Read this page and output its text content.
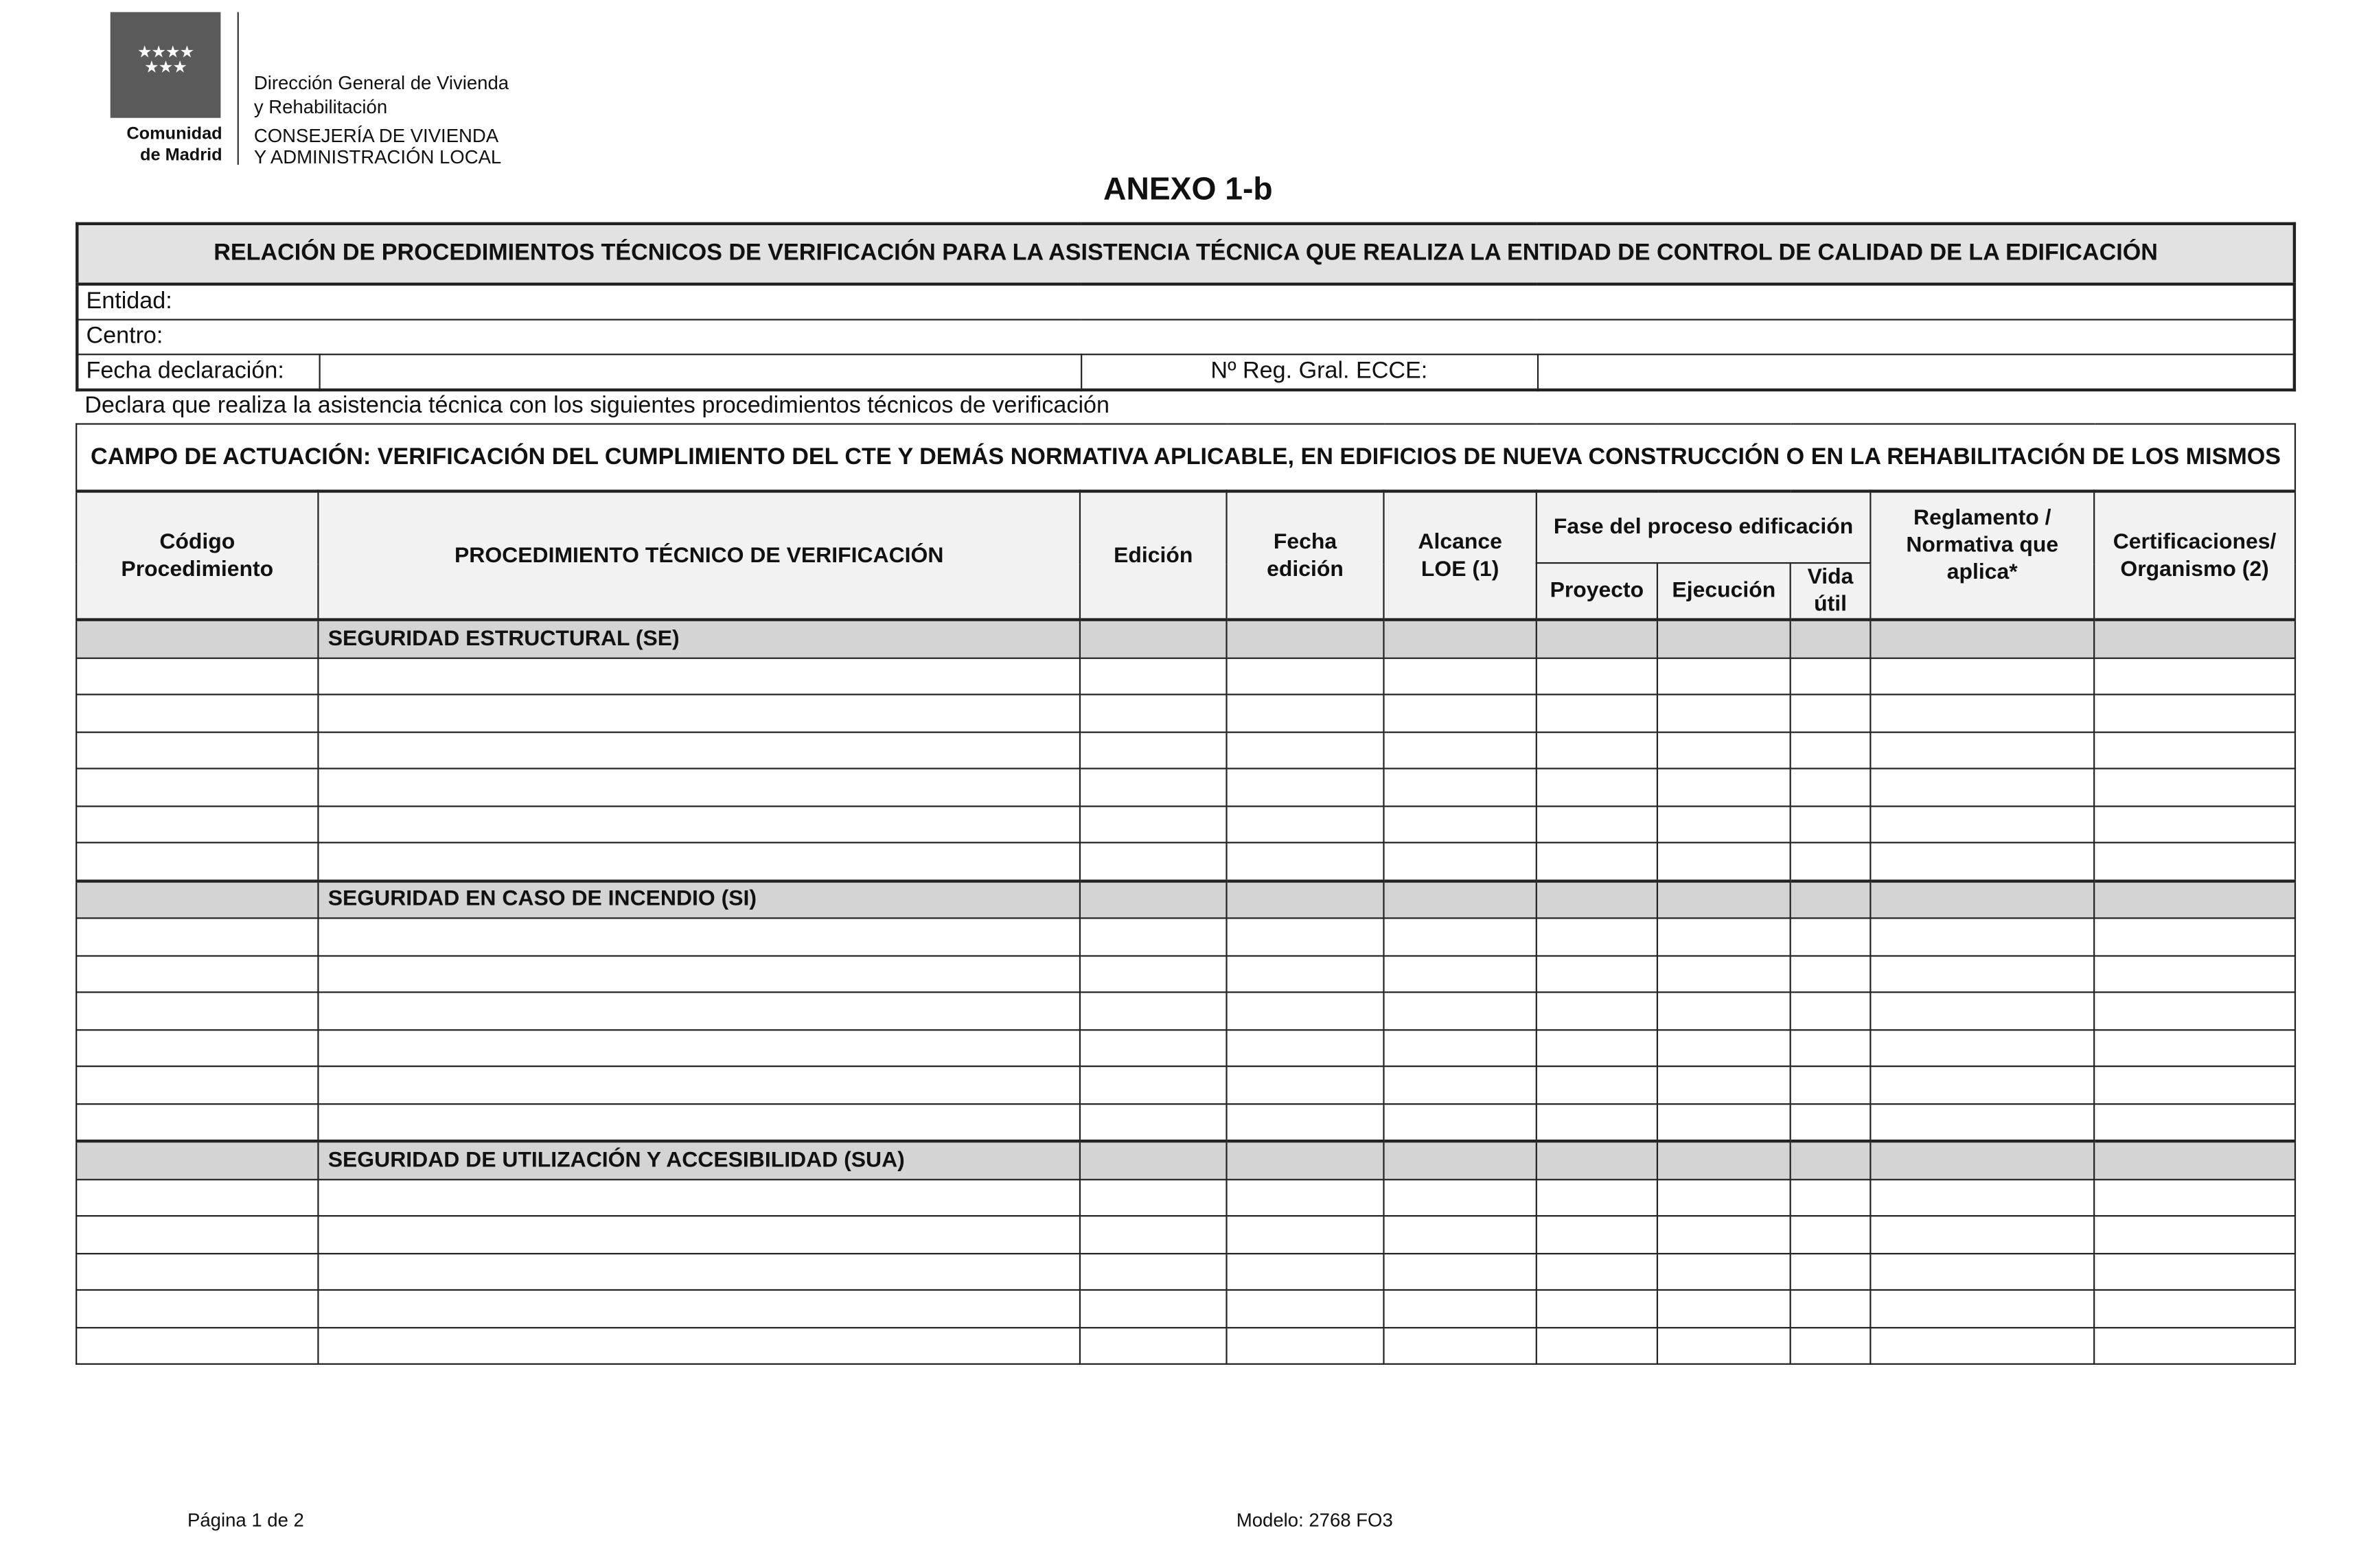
★★★★
★★★
Comunidad
de Madrid
Dirección General de Vivienda
y Rehabilitación
CONSEJERÍA DE VIVIENDA
Y ADMINISTRACIÓN LOCAL
ANEXO 1-b
RELACIÓN DE PROCEDIMIENTOS TÉCNICOS DE VERIFICACIÓN PARA LA ASISTENCIA TÉCNICA QUE REALIZA LA ENTIDAD DE CONTROL DE CALIDAD DE LA EDIFICACIÓN
Entidad:
Centro:
Fecha declaración:		Nº Reg. Gral. ECCE:	
Declara que realiza la asistencia técnica con los siguientes procedimientos técnicos de verificación
CAMPO DE ACTUACIÓN: VERIFICACIÓN DEL CUMPLIMIENTO DEL CTE Y DEMÁS NORMATIVA APLICABLE, EN EDIFICIOS DE NUEVA CONSTRUCCIÓN O EN LA REHABILITACIÓN DE LOS MISMOS									
Código Procedimiento	PROCEDIMIENTO TÉCNICO DE VERIFICACIÓN	Edición	Fecha edición	Alcance LOE (1)	Fase del proceso edificación			Reglamento / Normativa que aplica*	Certificaciones/ Organismo (2)
					Proyecto	Ejecución	Vida útil		
	SEGURIDAD ESTRUCTURAL (SE)								

	SEGURIDAD EN CASO DE INCENDIO (SI)								

	SEGURIDAD DE UTILIZACIÓN Y ACCESIBILIDAD (SUA)								

Página 1 de 2	Modelo: 2768 FO3
